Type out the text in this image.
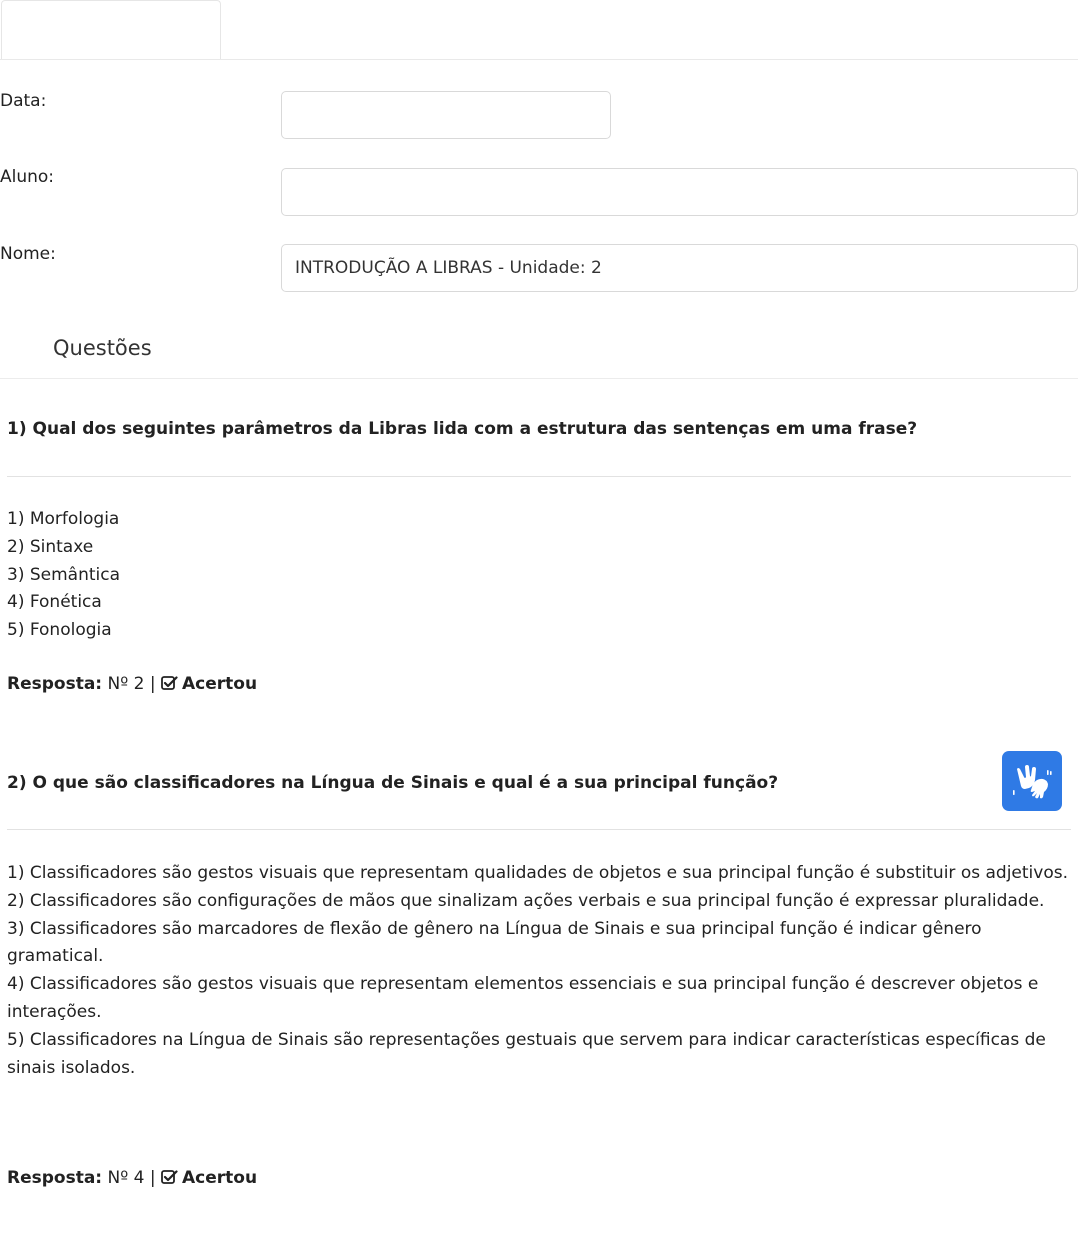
Data:
Aluno:
Nome:
INTRODUÇÃO A LIBRAS - Unidade: 2
Questões
1) Qual dos seguintes parâmetros da Libras lida com a estrutura das sentenças em uma frase?
1) Morfologia
2) Sintaxe
3) Semântica
4) Fonética
5) Fonologia
Resposta: Nº 2 | Acertou
2) O que são classificadores na Língua de Sinais e qual é a sua principal função?
1) Classificadores são gestos visuais que representam qualidades de objetos e sua principal função é substituir os adjetivos.
2) Classificadores são configurações de mãos que sinalizam ações verbais e sua principal função é expressar pluralidade.
3) Classificadores são marcadores de flexão de gênero na Língua de Sinais e sua principal função é indicar gênero gramatical.
4) Classificadores são gestos visuais que representam elementos essenciais e sua principal função é descrever objetos e interações.
5) Classificadores na Língua de Sinais são representações gestuais que servem para indicar características específicas de sinais isolados.
Resposta: Nº 4 | Acertou
